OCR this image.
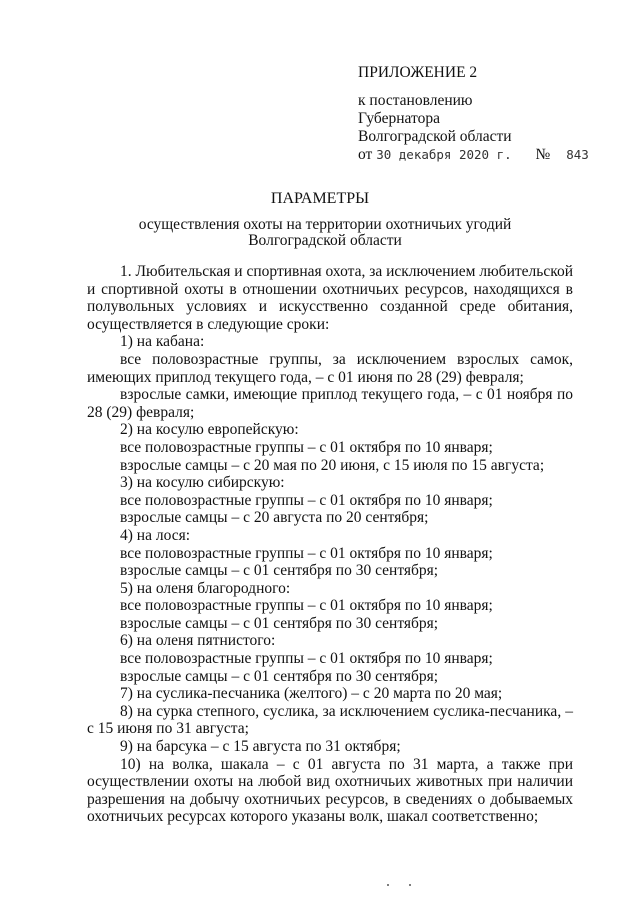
ПРИЛОЖЕНИЕ 2
к постановлению
Губернатора
Волгоградской области
от 30 декабря 2020 г. № 843
ПАРАМЕТРЫ
осуществления охоты на территории охотничьих угодий Волгоградской области

1. Любительская и спортивная охота, за исключением любительской и спортивной охоты в отношении охотничьих ресурсов, находящихся в полувольных условиях и искусственно созданной среде обитания, осуществляется в следующие сроки:

1) на кабана:

все половозрастные группы, за исключением взрослых самок, имеющих приплод текущего года, – с 01 июня по 28 (29) февраля;

взрослые самки, имеющие приплод текущего года, – с 01 ноября по 28 (29) февраля;

2) на косулю европейскую:

все половозрастные группы – с 01 октября по 10 января;

взрослые самцы – с 20 мая по 20 июня, с 15 июля по 15 августа;

3) на косулю сибирскую:

все половозрастные группы – с 01 октября по 10 января;

взрослые самцы – с 20 августа по 20 сентября;

4) на лося:

все половозрастные группы – с 01 октября по 10 января;

взрослые самцы – с 01 сентября по 30 сентября;

5) на оленя благородного:

все половозрастные группы – с 01 октября по 10 января;

взрослые самцы – с 01 сентября по 30 сентября;

6) на оленя пятнистого:

все половозрастные группы – с 01 октября по 10 января;

взрослые самцы – с 01 сентября по 30 сентября;

7) на суслика-песчаника (желтого) – с 20 марта по 20 мая;

8) на сурка степного, суслика, за исключением суслика-песчаника, – с 15 июня по 31 августа;

9) на барсука – с 15 августа по 31 октября;

10) на волка, шакала – с 01 августа по 31 марта, а также при осуществлении охоты на любой вид охотничьих животных при наличии разрешения на добычу охотничьих ресурсов, в сведениях о добываемых охотничьих ресурсах которого указаны волк, шакал соответственно;
